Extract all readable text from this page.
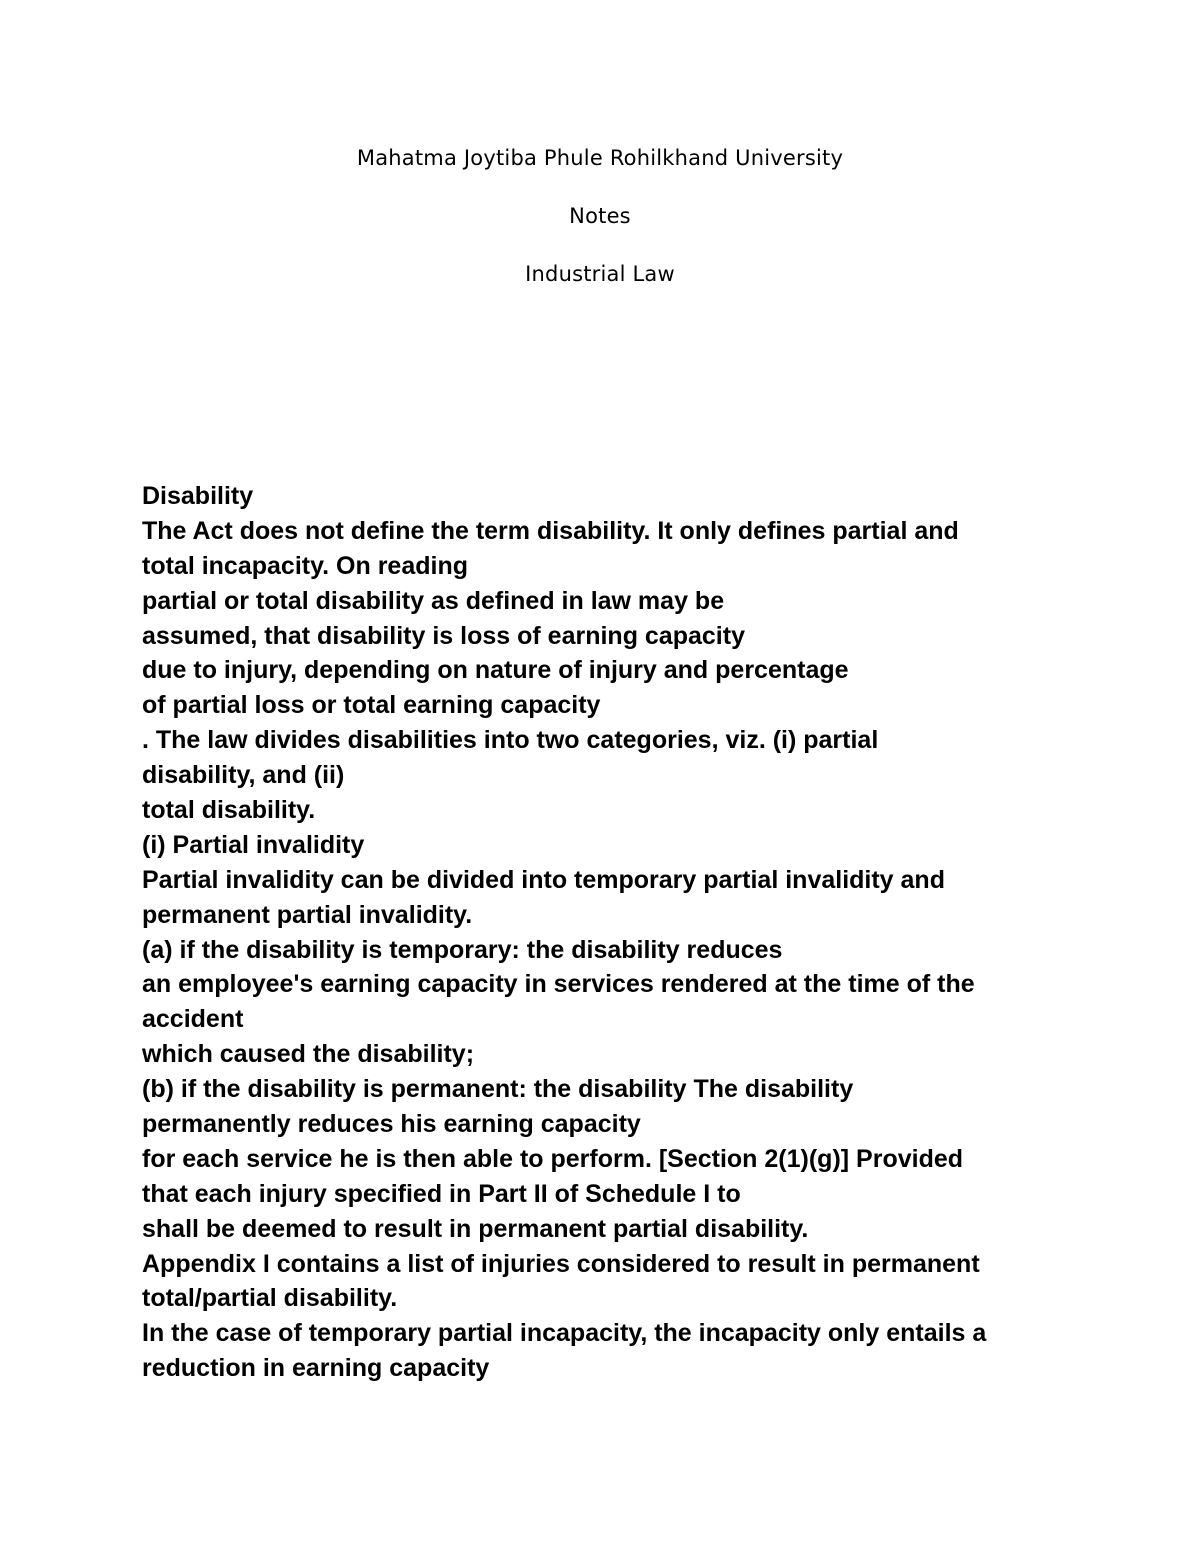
Mahatma Joytiba Phule Rohilkhand University
Notes
Industrial Law
Disability
The Act does not define the term disability. It only defines partial and
total incapacity. On reading
partial or total disability as defined in law may be
assumed, that disability is loss of earning capacity
due to injury, depending on nature of injury and percentage
of partial loss or total earning capacity
. The law divides disabilities into two categories, viz. (i) partial
disability, and (ii)
total disability.
(i) Partial invalidity
Partial invalidity can be divided into temporary partial invalidity and
permanent partial invalidity.
(a) if the disability is temporary: the disability reduces
an employee's earning capacity in services rendered at the time of the
accident
which caused the disability;
(b) if the disability is permanent: the disability The disability
permanently reduces his earning capacity
for each service he is then able to perform. [Section 2(1)(g)] Provided
that each injury specified in Part II of Schedule I to
shall be deemed to result in permanent partial disability.
Appendix I contains a list of injuries considered to result in permanent
total/partial disability.
In the case of temporary partial incapacity, the incapacity only entails a
reduction in earning capacity
